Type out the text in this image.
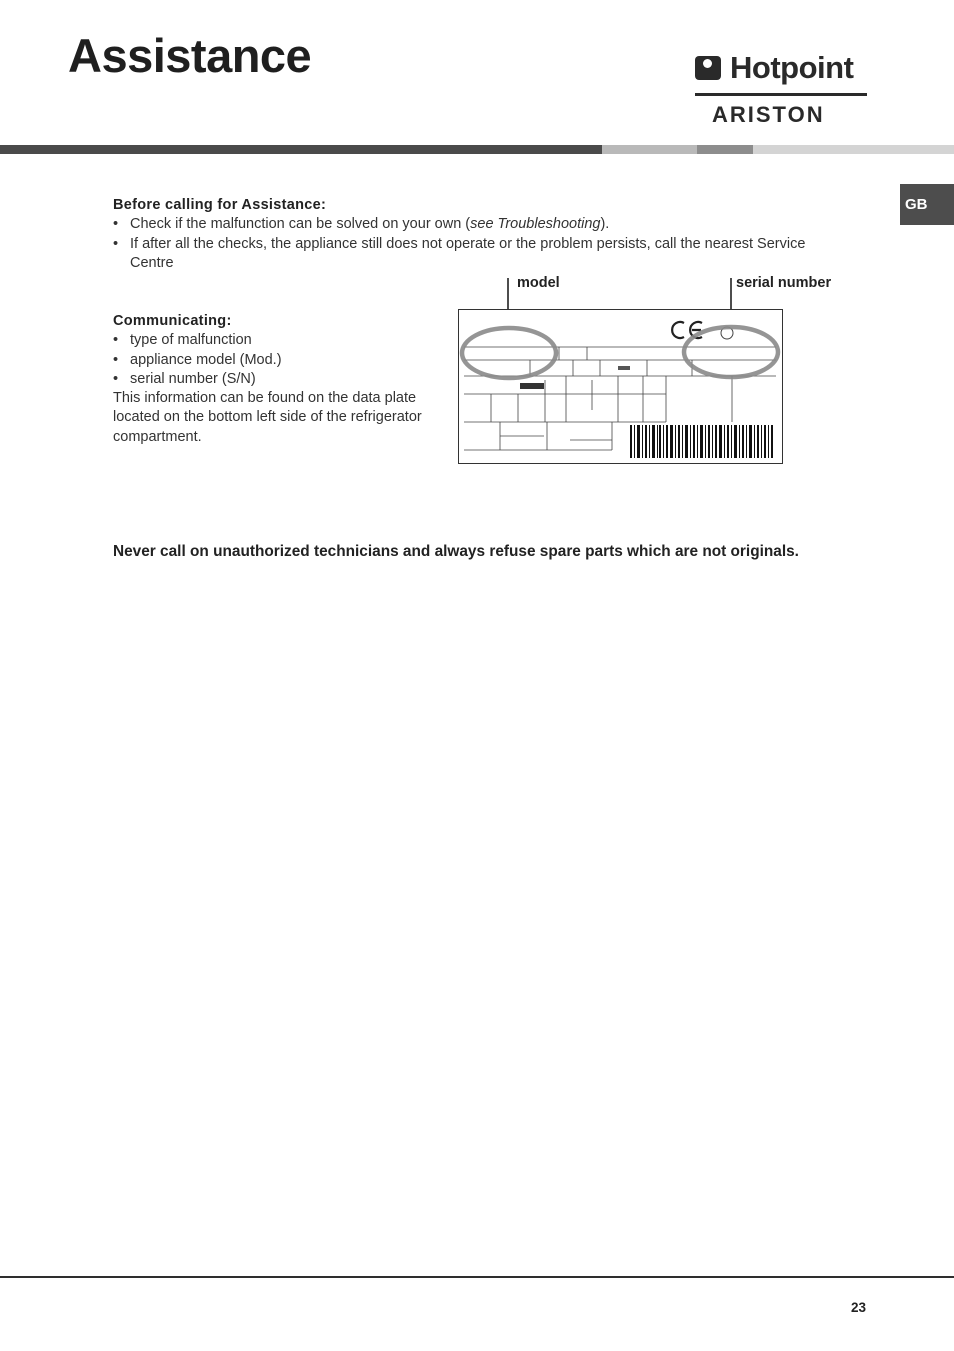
Assistance	Hotpoint
ARISTON
GB
Before calling for Assistance:
• Check if the malfunction can be solved on your own (see Troubleshooting).
• If after all the checks, the appliance still does not operate or the problem persists, call the nearest Service Centre
Communicating:
• type of malfunction
• appliance model (Mod.)
• serial number (S/N)
This information can be found on the data plate located on the bottom left side of the refrigerator compartment.
model	serial number
Never call on unauthorized technicians and always refuse spare parts which are not originals.
23
